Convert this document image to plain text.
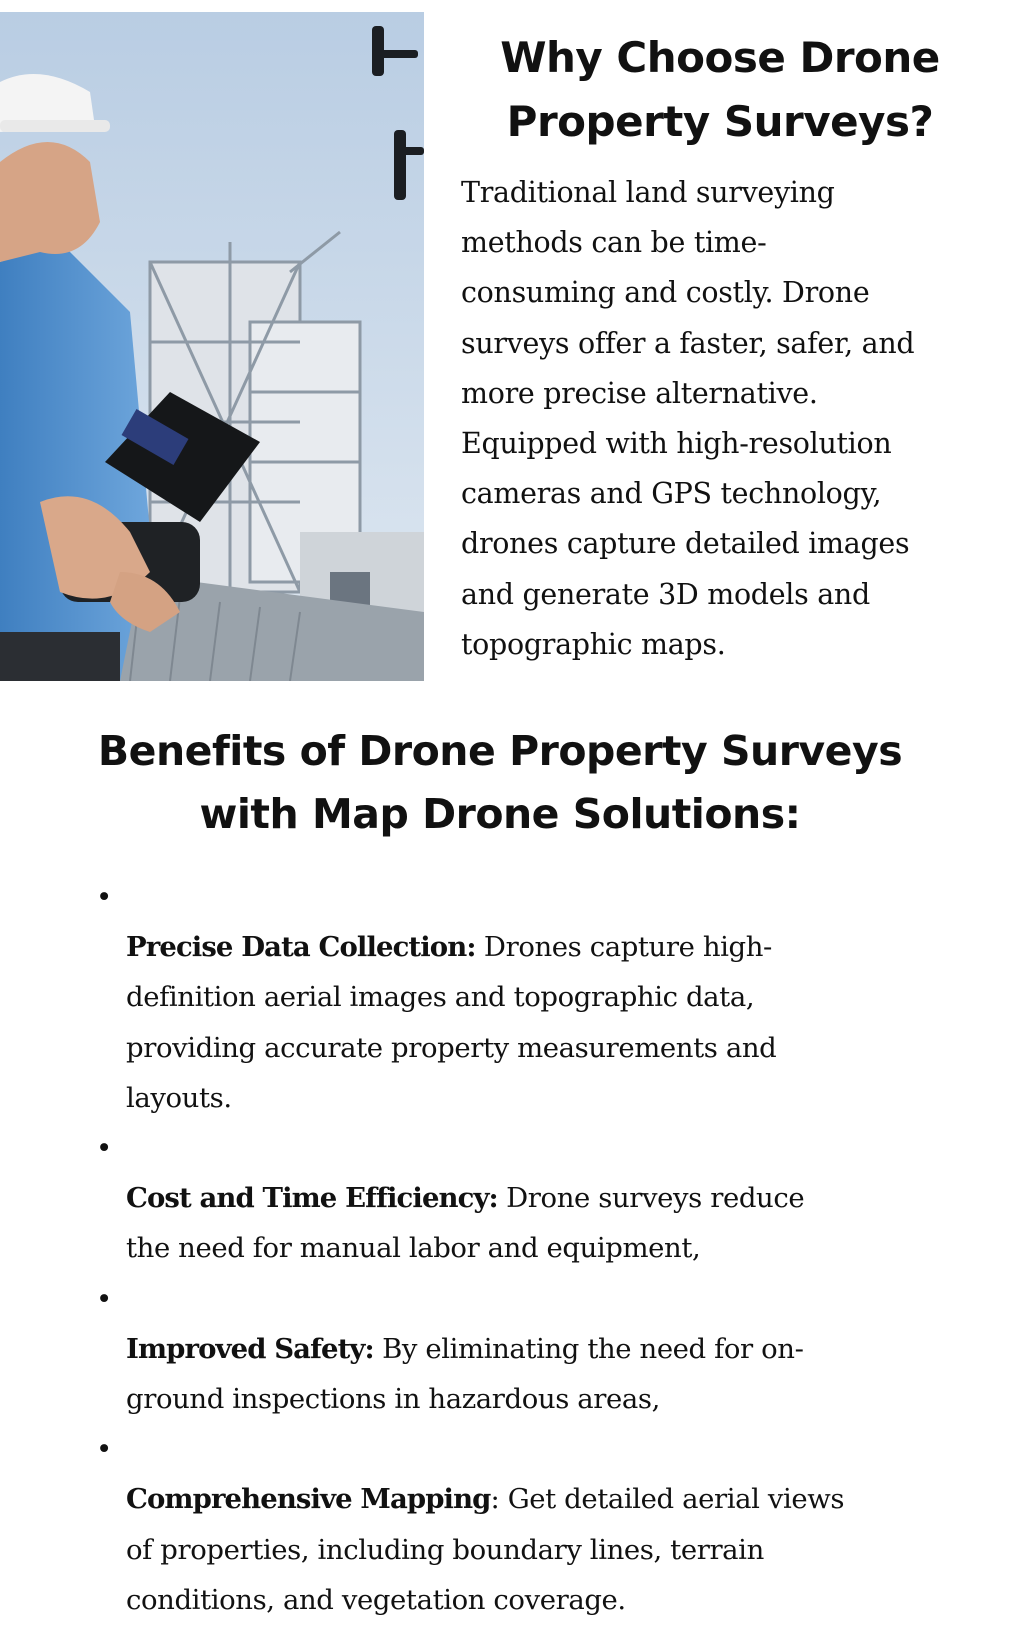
Why Choose Drone
Property Surveys?

Traditional land surveying
methods can be time-
consuming and costly. Drone
surveys offer a faster, safer, and
more precise alternative.
Equipped with high-resolution
cameras and GPS technology,
drones capture detailed images
and generate 3D models and
topographic maps.

Benefits of Drone Property Surveys
with Map Drone Solutions:

•
Precise Data Collection: Drones capture high-
definition aerial images and topographic data,
providing accurate property measurements and
layouts.

•
Cost and Time Efficiency: Drone surveys reduce
the need for manual labor and equipment,

•
Improved Safety: By eliminating the need for on-
ground inspections in hazardous areas,

•
Comprehensive Mapping: Get detailed aerial views
of properties, including boundary lines, terrain
conditions, and vegetation coverage.
